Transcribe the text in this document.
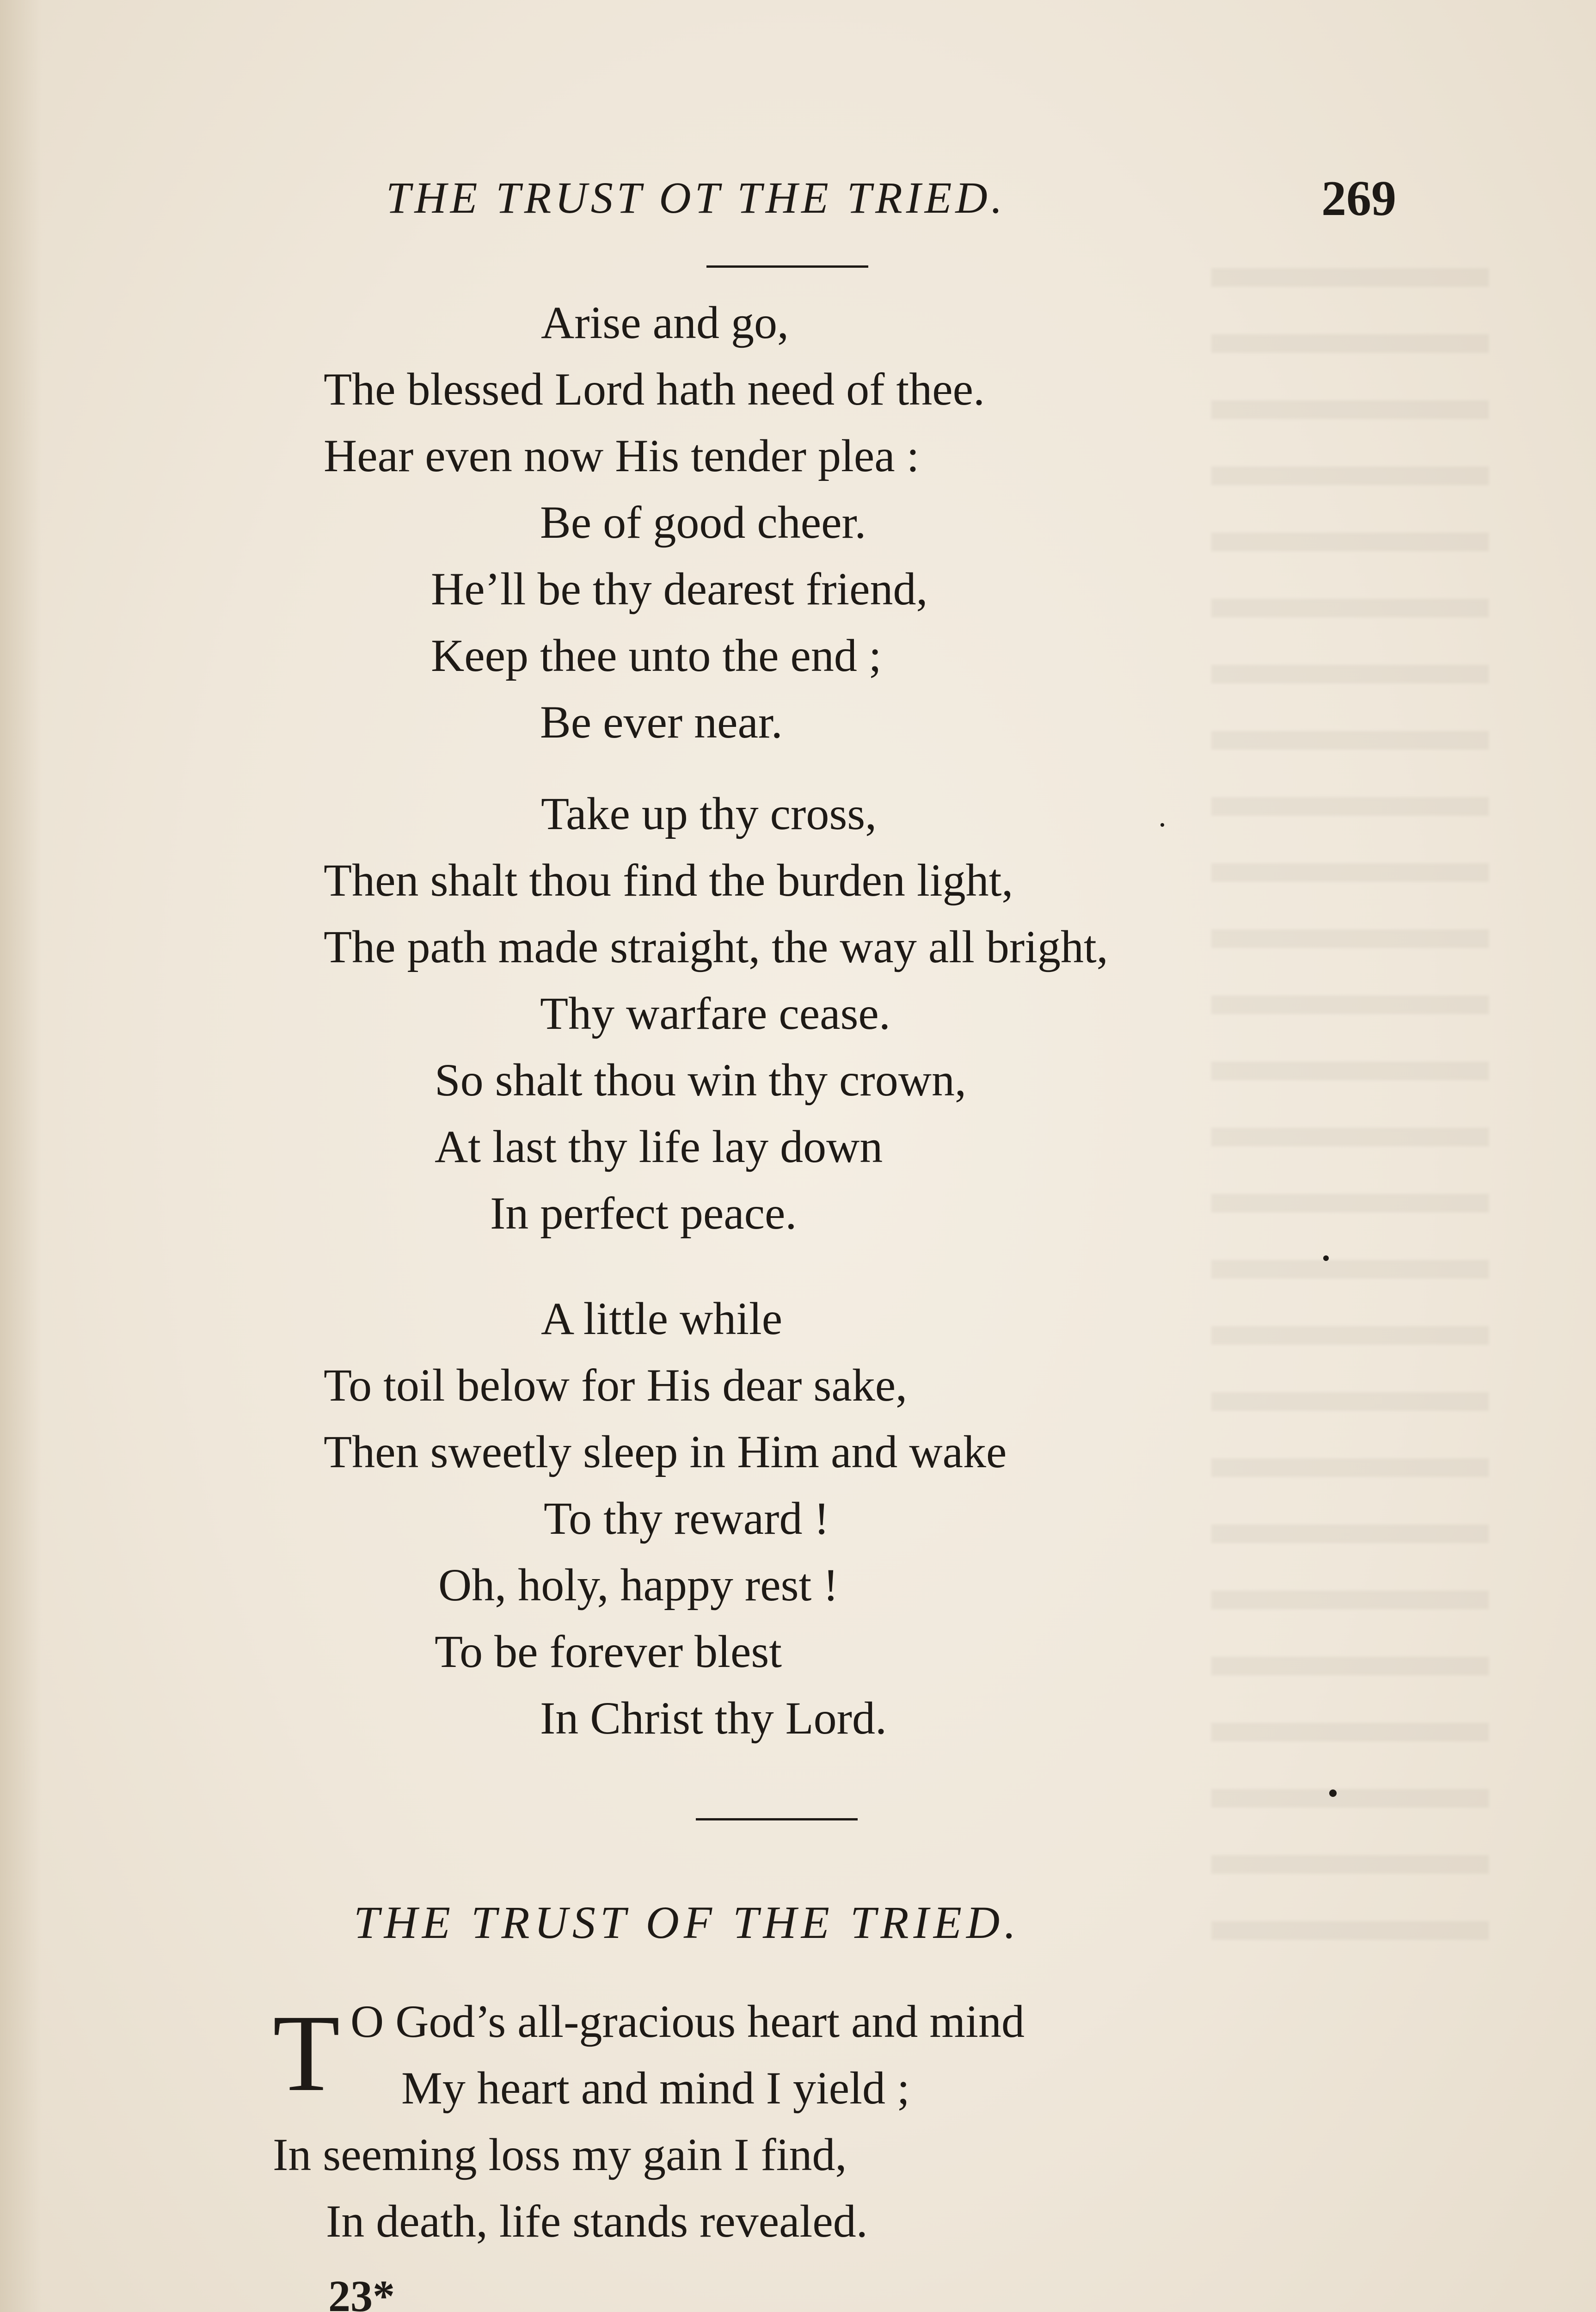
THE TRUST OT THE TRIED.	269
Arise and go,
The blessed Lord hath need of thee.
Hear even now His tender plea :
Be of good cheer.
He’ll be thy dearest friend,
Keep thee unto the end ;
Be ever near.
Take up thy cross,
Then shalt thou find the burden light,
The path made straight, the way all bright,
Thy warfare cease.
So shalt thou win thy crown,
At last thy life lay down
In perfect peace.
A little while
To toil below for His dear sake,
Then sweetly sleep in Him and wake
To thy reward !
Oh, holy, happy rest !
To be forever blest
In Christ thy Lord.
THE TRUST OF THE TRIED.
T O God’s all-gracious heart and mind
My heart and mind I yield ;
In seeming loss my gain I find,
In death, life stands revealed.
23*
